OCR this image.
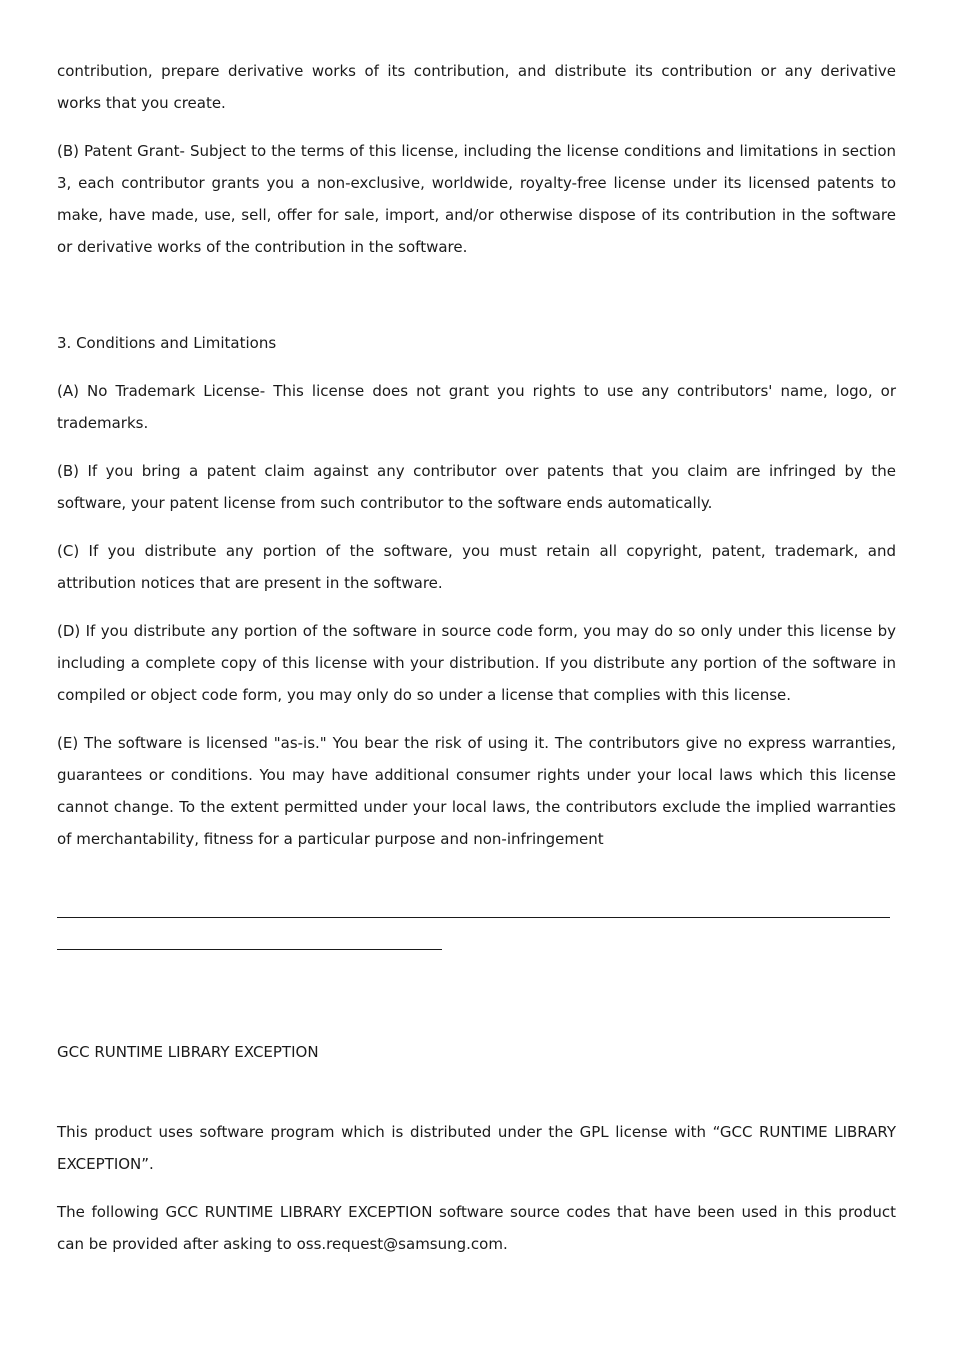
contribution, prepare derivative works of its contribution, and distribute its contribution or any derivative works that you create.

(B) Patent Grant- Subject to the terms of this license, including the license conditions and limitations in section 3, each contributor grants you a non-exclusive, worldwide, royalty-free license under its licensed patents to make, have made, use, sell, offer for sale, import, and/or otherwise dispose of its contribution in the software or derivative works of the contribution in the software.

3. Conditions and Limitations

(A) No Trademark License- This license does not grant you rights to use any contributors' name, logo, or trademarks.

(B) If you bring a patent claim against any contributor over patents that you claim are infringed by the software, your patent license from such contributor to the software ends automatically.

(C) If you distribute any portion of the software, you must retain all copyright, patent, trademark, and attribution notices that are present in the software.

(D) If you distribute any portion of the software in source code form, you may do so only under this license by including a complete copy of this license with your distribution. If you distribute any portion of the software in compiled or object code form, you may only do so under a license that complies with this license.

(E) The software is licensed "as-is." You bear the risk of using it. The contributors give no express warranties, guarantees or conditions. You may have additional consumer rights under your local laws which this license cannot change. To the extent permitted under your local laws, the contributors exclude the implied warranties of merchantability, fitness for a particular purpose and non-infringement

GCC RUNTIME LIBRARY EXCEPTION

This product uses software program which is distributed under the GPL license with “GCC RUNTIME LIBRARY EXCEPTION”.

The following GCC RUNTIME LIBRARY EXCEPTION software source codes that have been used in this product can be provided after asking to oss.request@samsung.com.
